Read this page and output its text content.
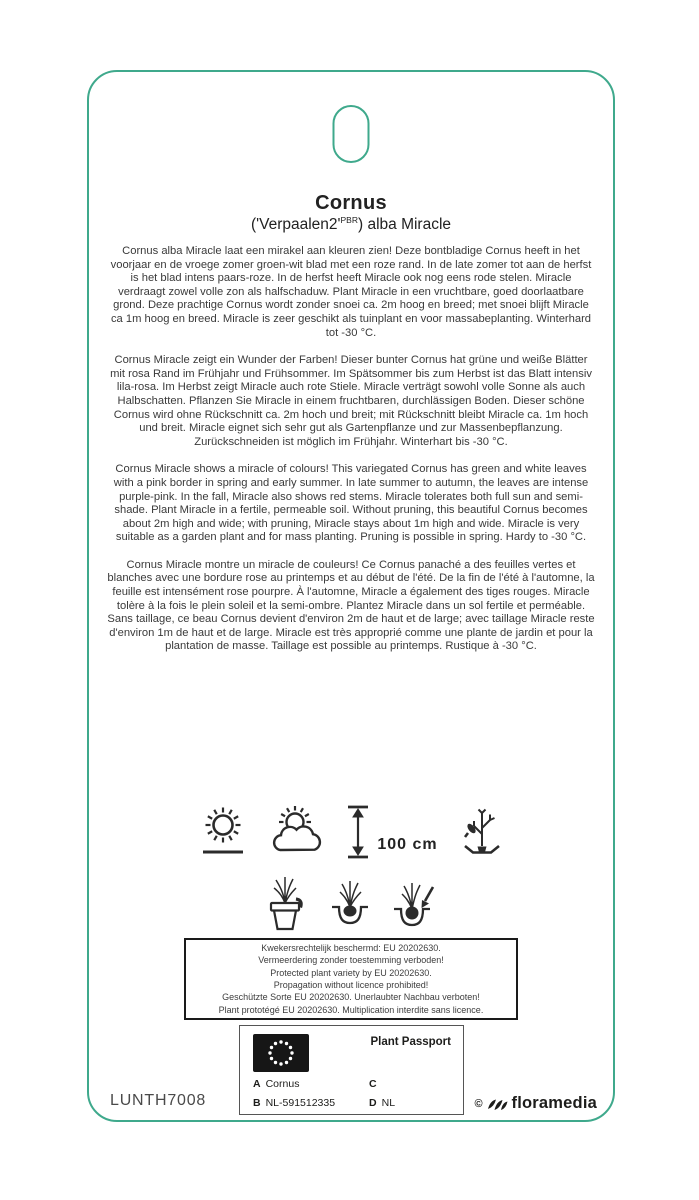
Cornus
$('Verpaalen2'^{PBR})$ alba Miracle

Cornus alba Miracle laat een mirakel aan kleuren zien! Deze bontbladige Cornus heeft in het voorjaar en de vroege zomer groen-wit blad met een roze rand. In de late zomer tot aan de herfst is het blad intens paars-roze. In de herfst heeft Miracle ook nog eens rode stelen. Miracle verdraagt zowel volle zon als halfschaduw. Plant Miracle in een vruchtbare, goed doorlaatbare grond. Deze prachtige Cornus wordt zonder snoei ca. 2m hoog en breed; met snoei blijft Miracle ca 1m hoog en breed. Miracle is zeer geschikt als tuinplant en voor massabeplanting. Winterhard tot -30 °C.

Cornus Miracle zeigt ein Wunder der Farben! Dieser bunter Cornus hat grüne und weiße Blätter mit rosa Rand im Frühjahr und Frühsommer. Im Spätsommer bis zum Herbst ist das Blatt intensiv lila-rosa. Im Herbst zeigt Miracle auch rote Stiele. Miracle verträgt sowohl volle Sonne als auch Halbschatten. Pflanzen Sie Miracle in einem fruchtbaren, durchlässigen Boden. Dieser schöne Cornus wird ohne Rückschnitt ca. 2m hoch und breit; mit Rückschnitt bleibt Miracle ca. 1m hoch und breit. Miracle eignet sich sehr gut als Gartenpflanze und zur Massenbepflanzung. Zurückschneiden ist möglich im Frühjahr. Winterhart bis -30 °C.

Cornus Miracle shows a miracle of colours! This variegated Cornus has green and white leaves with a pink border in spring and early summer. In late summer to autumn, the leaves are intense purple-pink. In the fall, Miracle also shows red stems. Miracle tolerates both full sun and semi-shade. Plant Miracle in a fertile, permeable soil. Without pruning, this beautiful Cornus becomes about 2m high and wide; with pruning, Miracle stays about 1m high and wide. Miracle is very suitable as a garden plant and for mass planting. Pruning is possible in spring. Hardy to -30 °C.

Cornus Miracle montre un miracle de couleurs! Ce Cornus panaché a des feuilles vertes et blanches avec une bordure rose au printemps et au début de l'été. De la fin de l'été à l'automne, la feuille est intensément rose pourpre. À l'automne, Miracle a également des tiges rouges. Miracle tolère à la fois le plein soleil et la semi-ombre. Plantez Miracle dans un sol fertile et perméable. Sans taillage, ce beau Cornus devient d'environ 2m de haut et de large; avec taillage Miracle reste d'environ 1m de haut et de large. Miracle est très approprié comme une plante de jardin et pour la plantation de masse. Taillage est possible au printemps. Rustique à -30 °C.

100 cm
Kwekersrechtelijk beschermd: EU 20202630.
Vermeerdering zonder toestemming verboden!
Protected plant variety by EU 20202630.
Propagation without licence prohibited!
Geschützte Sorte EU 20202630. Unerlaubter Nachbau verboten!
Plant prototégé EU 20202630. Multiplication interdite sans licence.
Plant Passport
A Cornus	C
B NL-591512335	D NL
LUNTH7008	© floramedia
